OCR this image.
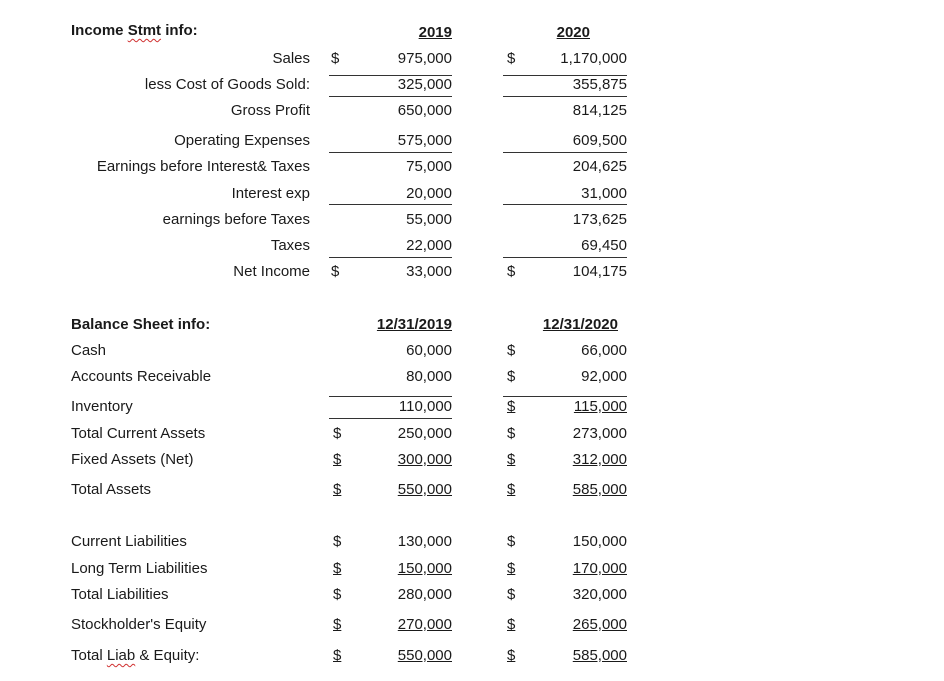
Income Stmt info:	2019	2020
Sales $	975,000	$	1,170,000
less Cost of Goods Sold:	325,000	355,875
Gross Profit	650,000	814,125
Operating Expenses	575,000	609,500
Earnings before Interest& Taxes	75,000	204,625
Interest exp	20,000	31,000
earnings before Taxes	55,000	173,625
Taxes	22,000	69,450
Net Income $	33,000	$	104,175
Balance Sheet info:	12/31/2019	12/31/2020
Cash	60,000	$	66,000
Accounts Receivable	80,000	$	92,000
Inventory	110,000	$	115,000
Total Current Assets	$	250,000	$	273,000
Fixed Assets (Net)	$	300,000	$	312,000
Total Assets	$	550,000	$	585,000
Current Liabilities	$	130,000	$	150,000
Long Term Liabilities	$	150,000	$	170,000
Total Liabilities	$	280,000	$	320,000
Stockholder's Equity	$	270,000	$	265,000
Total Liab & Equity:	$	550,000	$	585,000
